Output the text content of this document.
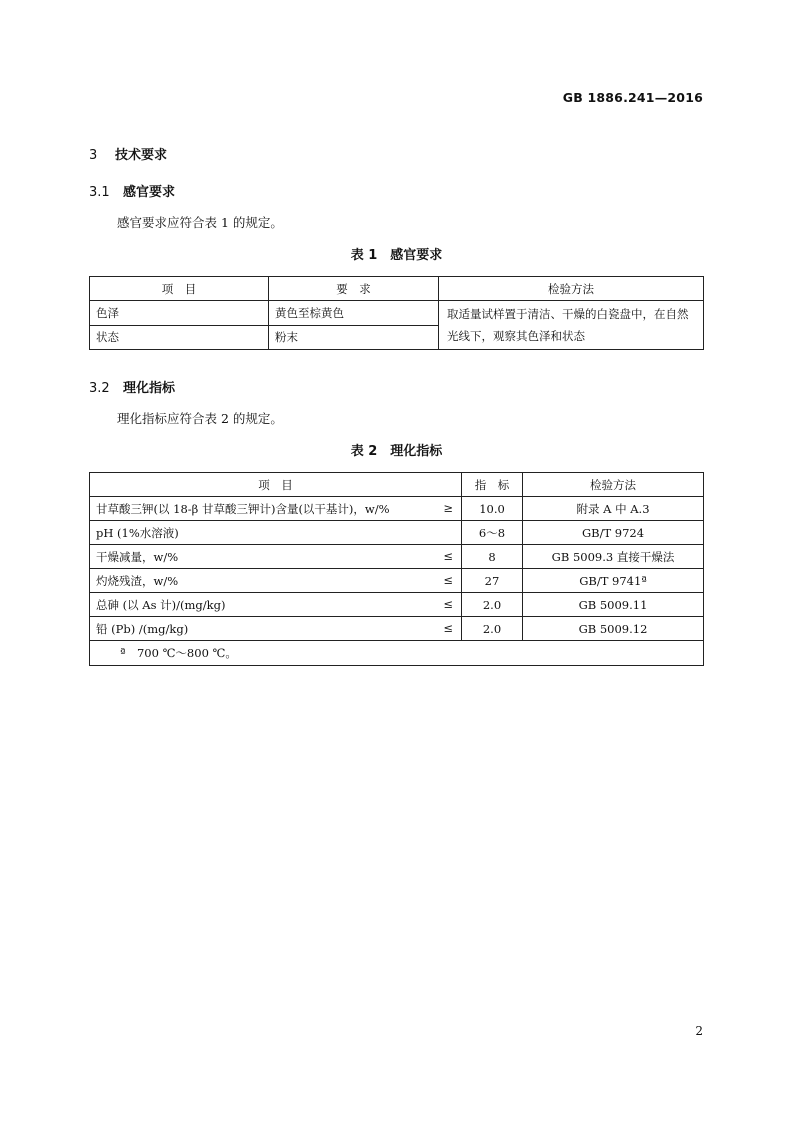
GB 1886.241—2016
3 技术要求
3.1 感官要求
感官要求应符合表 1 的规定。
表 1　感官要求
项　目	要　求	检验方法
色泽	黄色至棕黄色	取适量试样置于清洁、干燥的白瓷盘中，在自然光线下，观察其色泽和状态
状态	粉末	
3.2 理化指标
理化指标应符合表 2 的规定。
表 2　理化指标
项　目	指　标	检验方法
甘草酸三钾(以 18-β 甘草酸三钾计)含量(以干基计)，w/% ≥	10.0	附录 A 中 A.3
pH (1%水溶液)	6～8	GB/T 9724
干燥减量，w/% ≤	8	GB 5009.3 直接干燥法
灼烧残渣，w/% ≤	27	GB/T 9741ª
总砷 (以 As 计)/(mg/kg) ≤	2.0	GB 5009.11
铅 (Pb) /(mg/kg) ≤	2.0	GB 5009.12
ª　700 ℃～800 ℃。		
2
